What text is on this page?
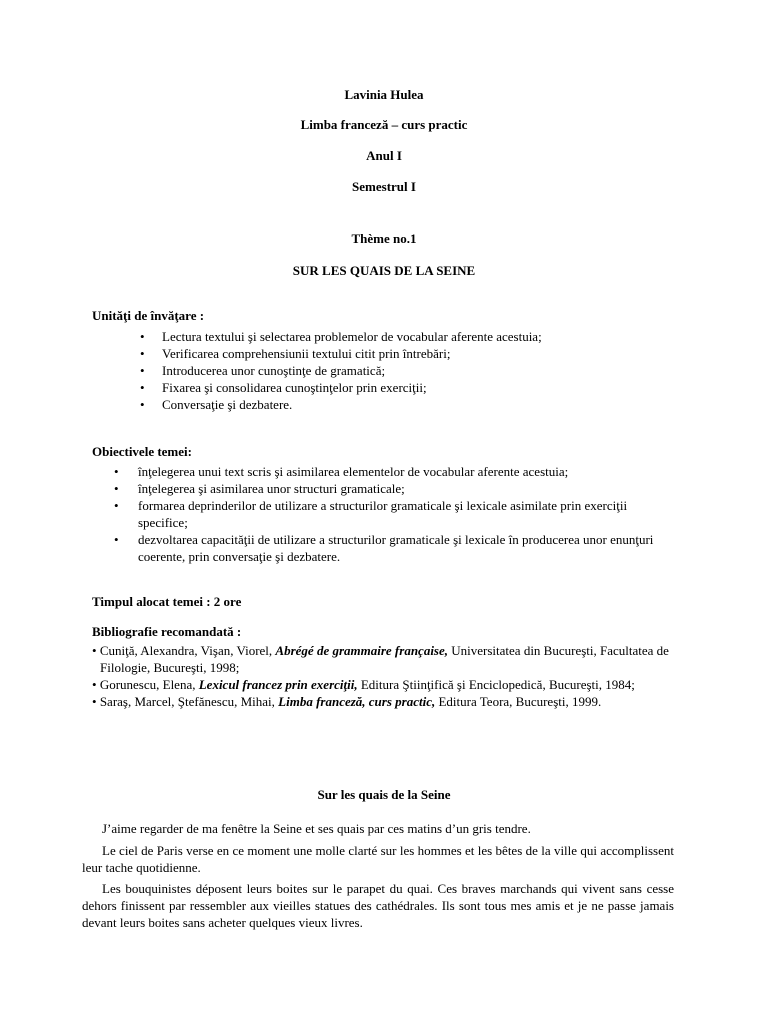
Lavinia Hulea
Limba franceză – curs practic
Anul I
Semestrul I
Thème no.1
SUR LES QUAIS DE LA SEINE
Unităţi de învăţare :
• Lectura textului şi selectarea problemelor de vocabular aferente acestuia;
• Verificarea comprehensiunii textului citit prin întrebări;
• Introducerea unor cunoştinţe de gramatică;
• Fixarea şi consolidarea cunoştinţelor prin exerciţii;
• Conversaţie şi dezbatere.
Obiectivele temei:
• înţelegerea unui text scris şi asimilarea elementelor de vocabular aferente acestuia;
• înţelegerea şi asimilarea unor structuri gramaticale;
• formarea deprinderilor de utilizare a structurilor gramaticale şi lexicale asimilate prin exerciţii specifice;
• dezvoltarea capacităţii de utilizare a structurilor gramaticale şi lexicale în producerea unor enunţuri coerente, prin conversaţie şi dezbatere.
Timpul alocat temei : 2 ore
Bibliografie recomandată :
• Cuniţă, Alexandra, Vişan, Viorel, Abrégé de grammaire française, Universitatea din Bucureşti, Facultatea de Filologie, Bucureşti, 1998;
• Gorunescu, Elena, Lexicul francez prin exerciţii, Editura Ştiinţifică şi Enciclopedică, Bucureşti, 1984;
• Saraş, Marcel, Ştefănescu, Mihai, Limba franceză, curs practic, Editura Teora, Bucureşti, 1999.
Sur les quais de la Seine
J’aime regarder de ma fenêtre la Seine et ses quais par ces matins d’un gris tendre.
Le ciel de Paris verse en ce moment une molle clarté sur les hommes et les bêtes de la ville qui accomplissent leur tache quotidienne.
Les bouquinistes déposent leurs boites sur le parapet du quai. Ces braves marchands qui vivent sans cesse dehors finissent par ressembler aux vieilles statues des cathédrales. Ils sont tous mes amis et je ne passe jamais devant leurs boites sans acheter quelques vieux livres.
